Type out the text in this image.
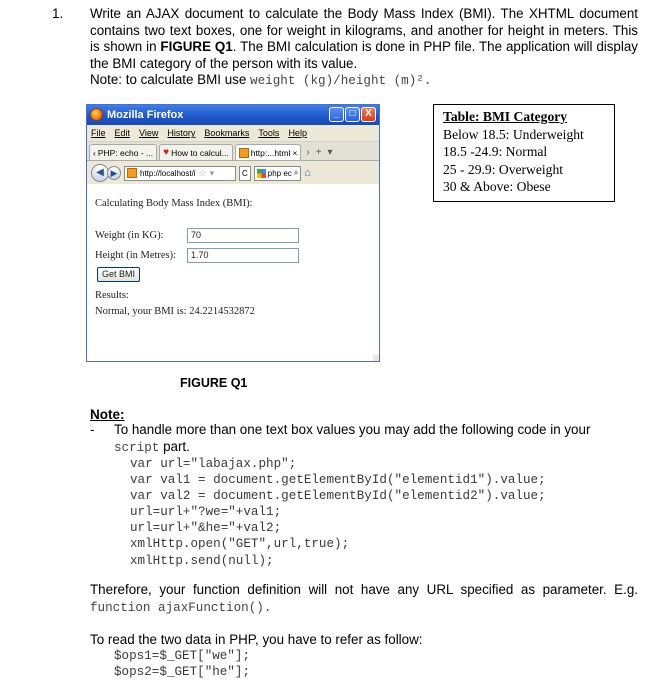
1. Write an AJAX document to calculate the Body Mass Index (BMI). The XHTML document contains two text boxes, one for weight in kilograms, and another for height in meters. This is shown in FIGURE Q1. The BMI calculation is done in PHP file. The application will display the BMI category of the person with its value.
Note: to calculate BMI use weight (kg)/height (m)².
Mozilla Firefox	_	□ X
File Edit View History Bookmarks Tools Help
‹ PHP: echo - ... ♥ How to calcul...	http:...html × › + ▾
◀ ▶	http://localhost/i ☆ ▾	C	php ec ⌕ ⌂
Calculating Body Mass Index (BMI):
Weight (in KG):	70
Height (in Metres):	1.70
Get BMI
Results:
Normal, your BMI is: 24.2214532872
FIGURE Q1
Table: BMI Category
Below 18.5: Underweight
18.5 -24.9: Normal
25 - 29.9: Overweight
30 & Above: Obese
Note:
- To handle more than one text box values you may add the following code in your script part.
var url="labajax.php";
var val1 = document.getElementById("elementid1").value;
var val2 = document.getElementById("elementid2").value;
url=url+"?we="+val1;
url=url+"&he="+val2;
xmlHttp.open("GET",url,true);
xmlHttp.send(null);
Therefore, your function definition will not have any URL specified as parameter. E.g. function ajaxFunction().
To read the two data in PHP, you have to refer as follow:
$ops1=$_GET["we"];
$ops2=$_GET["he"];
